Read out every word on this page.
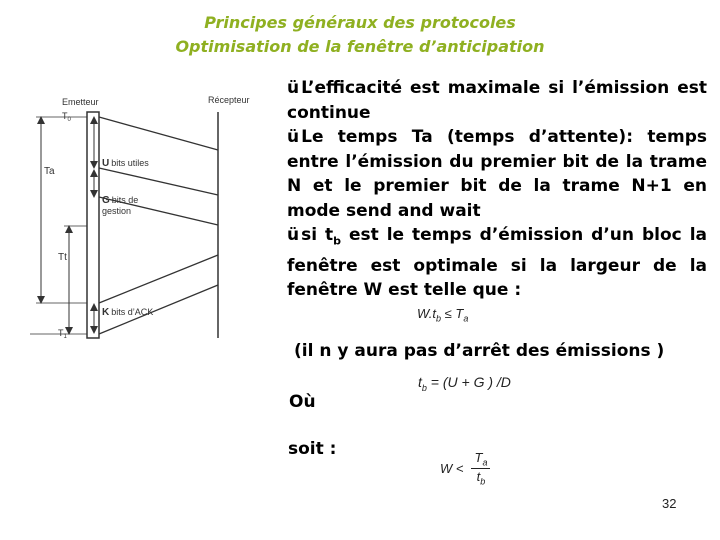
Principes généraux des protocoles
Optimisation de la fenêtre d’anticipation
Emetteur	Récepteur
$T_0$
Ta
Tt
$T_1$
U bits utiles
G bits de
gestion
K bits d’ACK

ü L’efficacité est maximale si l’émission est continue

ü Le temps Ta (temps d’attente): temps entre l’émission du premier bit de la trame N et le premier bit de la trame N+1 en mode send and wait

ü si $t_b$ est le temps d’émission d’un bloc la fenêtre est optimale si la largeur de la fenêtre W est telle que :

$W.t_b \le T_a$
(il n y aura pas d’arrêt des émissions )
$t_b = (U + G$ ) /D
Où
soit :
W <
$T_a$
$t_b$
32
